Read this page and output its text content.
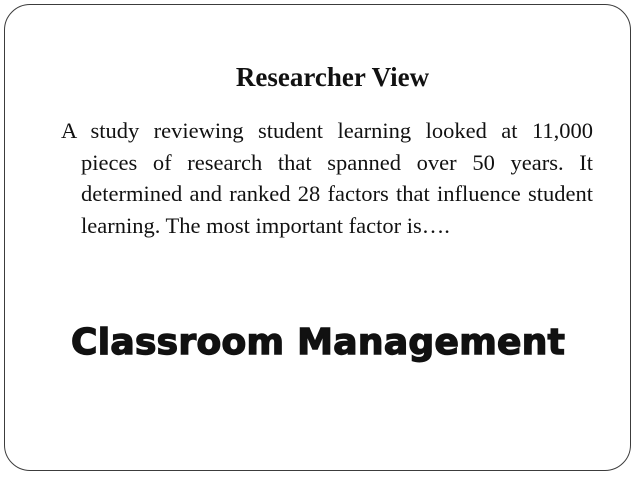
Researcher View

A study reviewing student learning looked at 11,000 pieces of research that spanned over 50 years. It determined and ranked 28 factors that influence student learning. The most important factor is….

Classroom Management
